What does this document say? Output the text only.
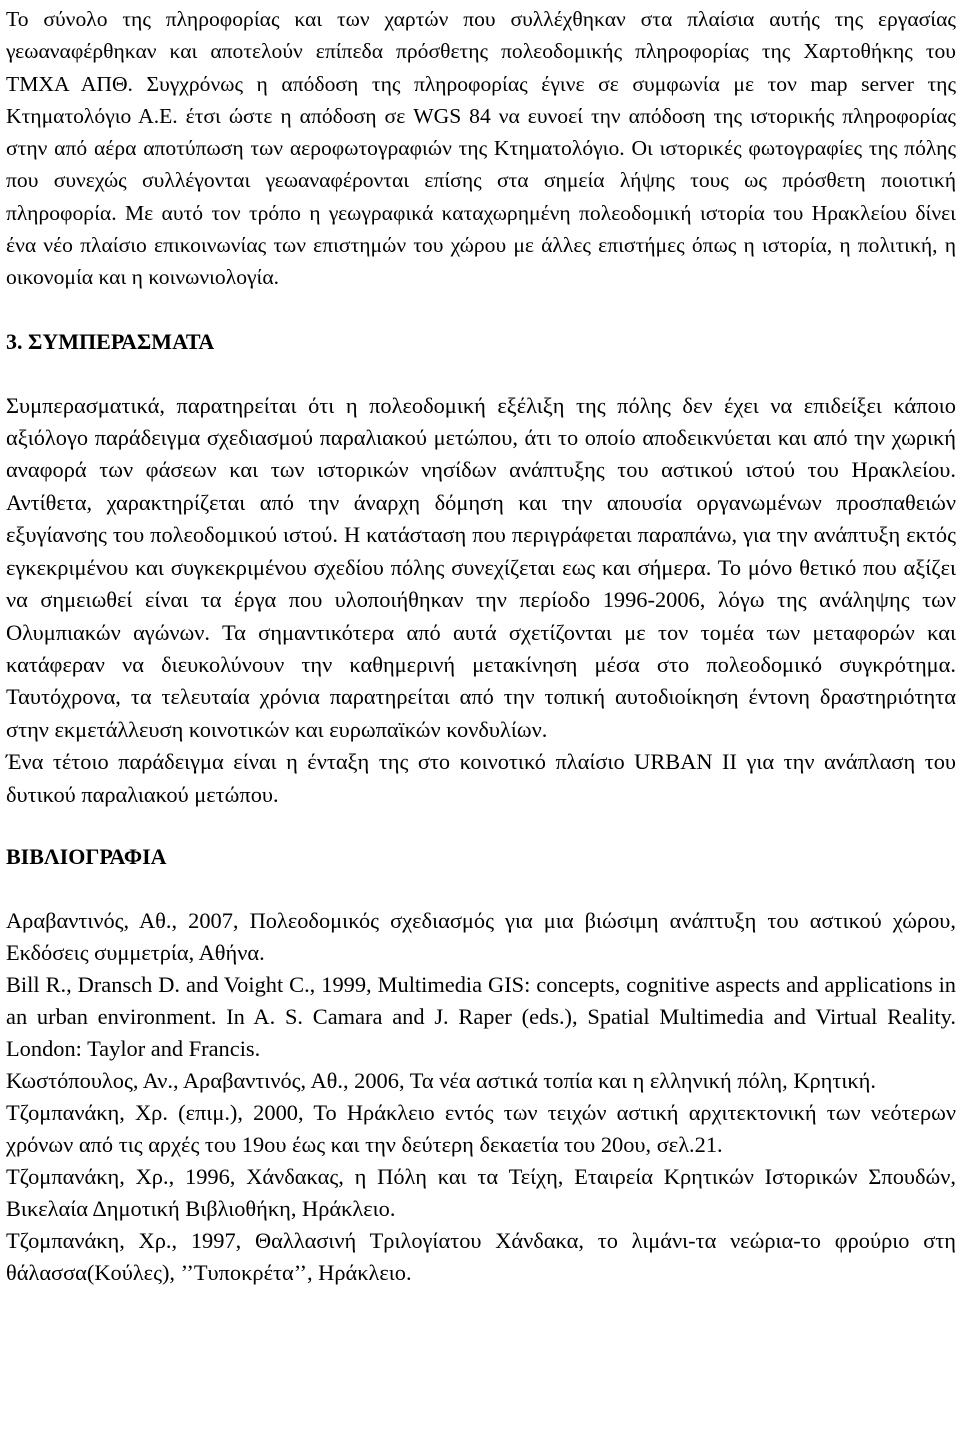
Το σύνολο της πληροφορίας και των χαρτών που συλλέχθηκαν στα πλαίσια αυτής της εργασίας γεωαναφέρθηκαν και αποτελούν επίπεδα πρόσθετης πολεοδομικής πληροφορίας της Χαρτοθήκης του ΤΜΧΑ ΑΠΘ. Συγχρόνως η απόδοση της πληροφορίας έγινε σε συμφωνία με τον map server της Κτηματολόγιο Α.Ε. έτσι ώστε η απόδοση σε WGS 84 να ευνοεί την απόδοση της ιστορικής πληροφορίας στην από αέρα αποτύπωση των αεροφωτογραφιών της Κτηματολόγιο. Οι ιστορικές φωτογραφίες της πόλης που συνεχώς συλλέγονται γεωαναφέρονται επίσης στα σημεία λήψης τους ως πρόσθετη ποιοτική πληροφορία. Με αυτό τον τρόπο η γεωγραφικά καταχωρημένη πολεοδομική ιστορία του Ηρακλείου δίνει ένα νέο πλαίσιο επικοινωνίας των επιστημών του χώρου με άλλες επιστήμες όπως η ιστορία, η πολιτική, η οικονομία και η κοινωνιολογία.

3. ΣΥΜΠΕΡΑΣΜΑΤΑ

Συμπερασματικά, παρατηρείται ότι η πολεοδομική εξέλιξη της πόλης δεν έχει να επιδείξει κάποιο αξιόλογο παράδειγμα σχεδιασμού παραλιακού μετώπου, άτι το οποίο αποδεικνύεται και από την χωρική αναφορά των φάσεων και των ιστορικών νησίδων ανάπτυξης του αστικού ιστού του Ηρακλείου. Αντίθετα, χαρακτηρίζεται από την άναρχη δόμηση και την απουσία οργανωμένων προσπαθειών εξυγίανσης του πολεοδομικού ιστού. Η κατάσταση που περιγράφεται παραπάνω, για την ανάπτυξη εκτός εγκεκριμένου και συγκεκριμένου σχεδίου πόλης συνεχίζεται εως και σήμερα. Το μόνο θετικό που αξίζει να σημειωθεί είναι τα έργα που υλοποιήθηκαν την περίοδο 1996-2006, λόγω της ανάληψης των Ολυμπιακών αγώνων. Τα σημαντικότερα από αυτά σχετίζονται με τον τομέα των μεταφορών και κατάφεραν να διευκολύνουν την καθημερινή μετακίνηση μέσα στο πολεοδομικό συγκρότημα. Ταυτόχρονα, τα τελευταία χρόνια παρατηρείται από την τοπική αυτοδιοίκηση έντονη δραστηριότητα στην εκμετάλλευση κοινοτικών και ευρωπαϊκών κονδυλίων.

Ένα τέτοιο παράδειγμα είναι η ένταξη της στο κοινοτικό πλαίσιο URBAN II για την ανάπλαση του δυτικού παραλιακού μετώπου.

ΒΙΒΛΙΟΓΡΑΦΙΑ
Αραβαντινός, Αθ., 2007, Πολεοδομικός σχεδιασμός για μια βιώσιμη ανάπτυξη του αστικού χώρου, Εκδόσεις συμμετρία, Αθήνα.
Bill R., Dransch D. and Voight C., 1999, Multimedia GIS: concepts, cognitive aspects and applications in an urban environment. In A. S. Camara and J. Raper (eds.), Spatial Multimedia and Virtual Reality. London: Taylor and Francis.
Κωστόπουλος, Αν., Αραβαντινός, Αθ., 2006, Τα νέα αστικά τοπία και η ελληνική πόλη, Κρητική.
Τζομπανάκη, Χρ. (επιμ.), 2000, Το Ηράκλειο εντός των τειχών αστική αρχιτεκτονική των νεότερων χρόνων από τις αρχές του 19ου έως και την δεύτερη δεκαετία του 20ου, σελ.21.
Τζομπανάκη, Χρ., 1996, Χάνδακας, η Πόλη και τα Τείχη, Εταιρεία Κρητικών Ιστορικών Σπουδών, Βικελαία Δημοτική Βιβλιοθήκη, Ηράκλειο.
Τζομπανάκη, Χρ., 1997, Θαλλασινή Τριλογίατου Χάνδακα, το λιμάνι-τα νεώρια-το φρούριο στη θάλασσα(Κούλες), ’’Τυποκρέτα’’, Ηράκλειο.
